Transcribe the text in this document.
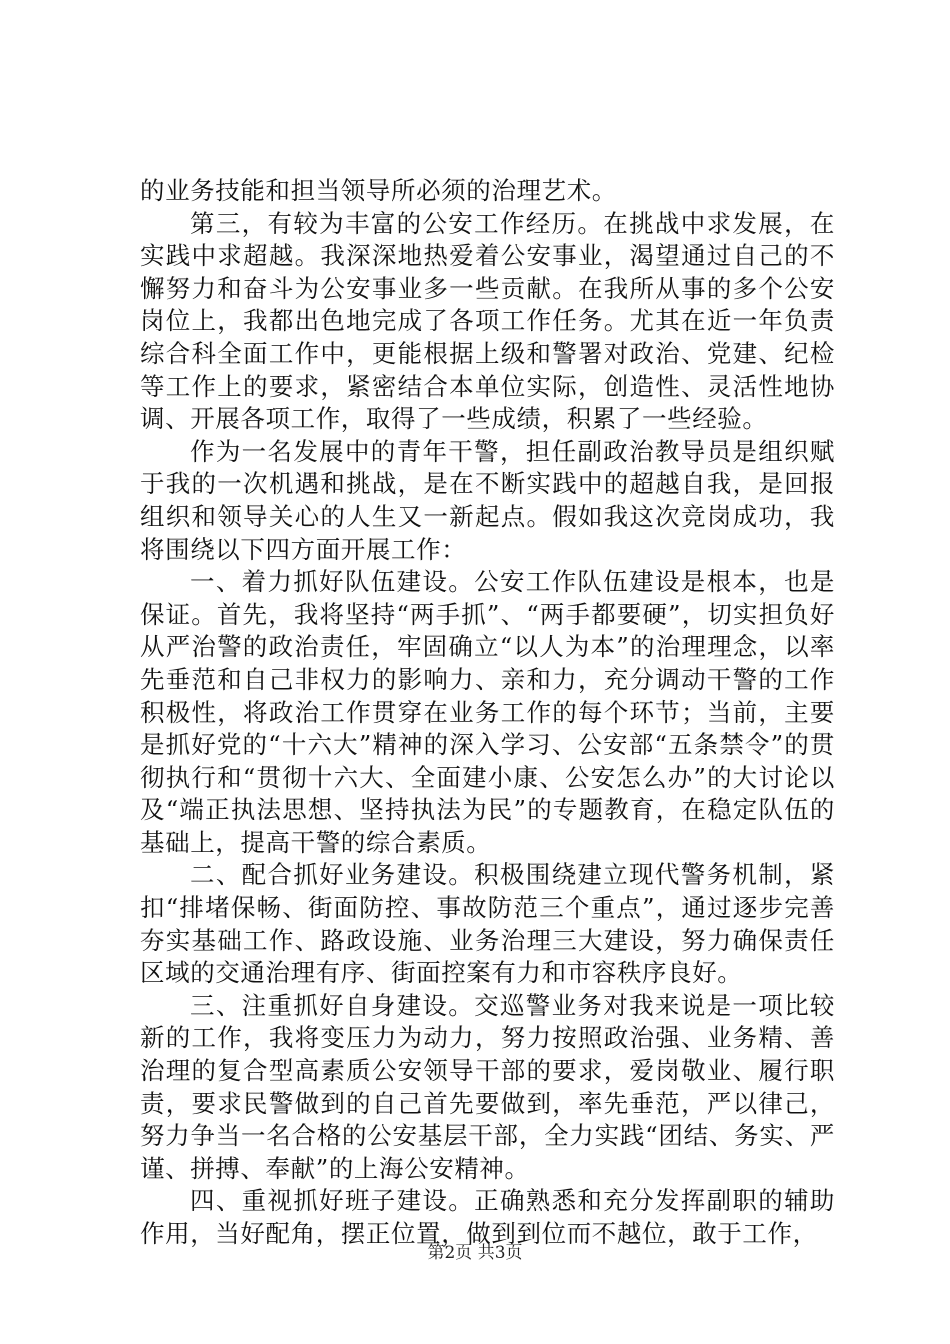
的业务技能和担当领导所必须的治理艺术。

第三，有较为丰富的公安工作经历。在挑战中求发展，在实践中求超越。我深深地热爱着公安事业，渴望通过自己的不懈努力和奋斗为公安事业多一些贡献。在我所从事的多个公安岗位上，我都出色地完成了各项工作任务。尤其在近一年负责综合科全面工作中，更能根据上级和警署对政治、党建、纪检等工作上的要求，紧密结合本单位实际，创造性、灵活性地协调、开展各项工作，取得了一些成绩，积累了一些经验。

作为一名发展中的青年干警，担任副政治教导员是组织赋于我的一次机遇和挑战，是在不断实践中的超越自我，是回报组织和领导关心的人生又一新起点。假如我这次竞岗成功，我将围绕以下四方面开展工作：

一、着力抓好队伍建设。公安工作队伍建设是根本，也是保证。首先，我将坚持“两手抓”、“两手都要硬”，切实担负好从严治警的政治责任，牢固确立“以人为本”的治理理念，以率先垂范和自己非权力的影响力、亲和力，充分调动干警的工作积极性，将政治工作贯穿在业务工作的每个环节；当前，主要是抓好党的“十六大”精神的深入学习、公安部“五条禁令”的贯彻执行和“贯彻十六大、全面建小康、公安怎么办”的大讨论以及“端正执法思想、坚持执法为民”的专题教育，在稳定队伍的基础上，提高干警的综合素质。

二、配合抓好业务建设。积极围绕建立现代警务机制，紧扣“排堵保畅、街面防控、事故防范三个重点”，通过逐步完善夯实基础工作、路政设施、业务治理三大建设，努力确保责任区域的交通治理有序、街面控案有力和市容秩序良好。

三、注重抓好自身建设。交巡警业务对我来说是一项比较新的工作，我将变压力为动力，努力按照政治强、业务精、善治理的复合型高素质公安领导干部的要求，爱岗敬业、履行职责，要求民警做到的自己首先要做到，率先垂范，严以律己，努力争当一名合格的公安基层干部，全力实践“团结、务实、严谨、拼搏、奉献”的上海公安精神。

四、重视抓好班子建设。正确熟悉和充分发挥副职的辅助作用，当好配角，摆正位置，做到到位而不越位，敢于工作，

第2页 共3页
